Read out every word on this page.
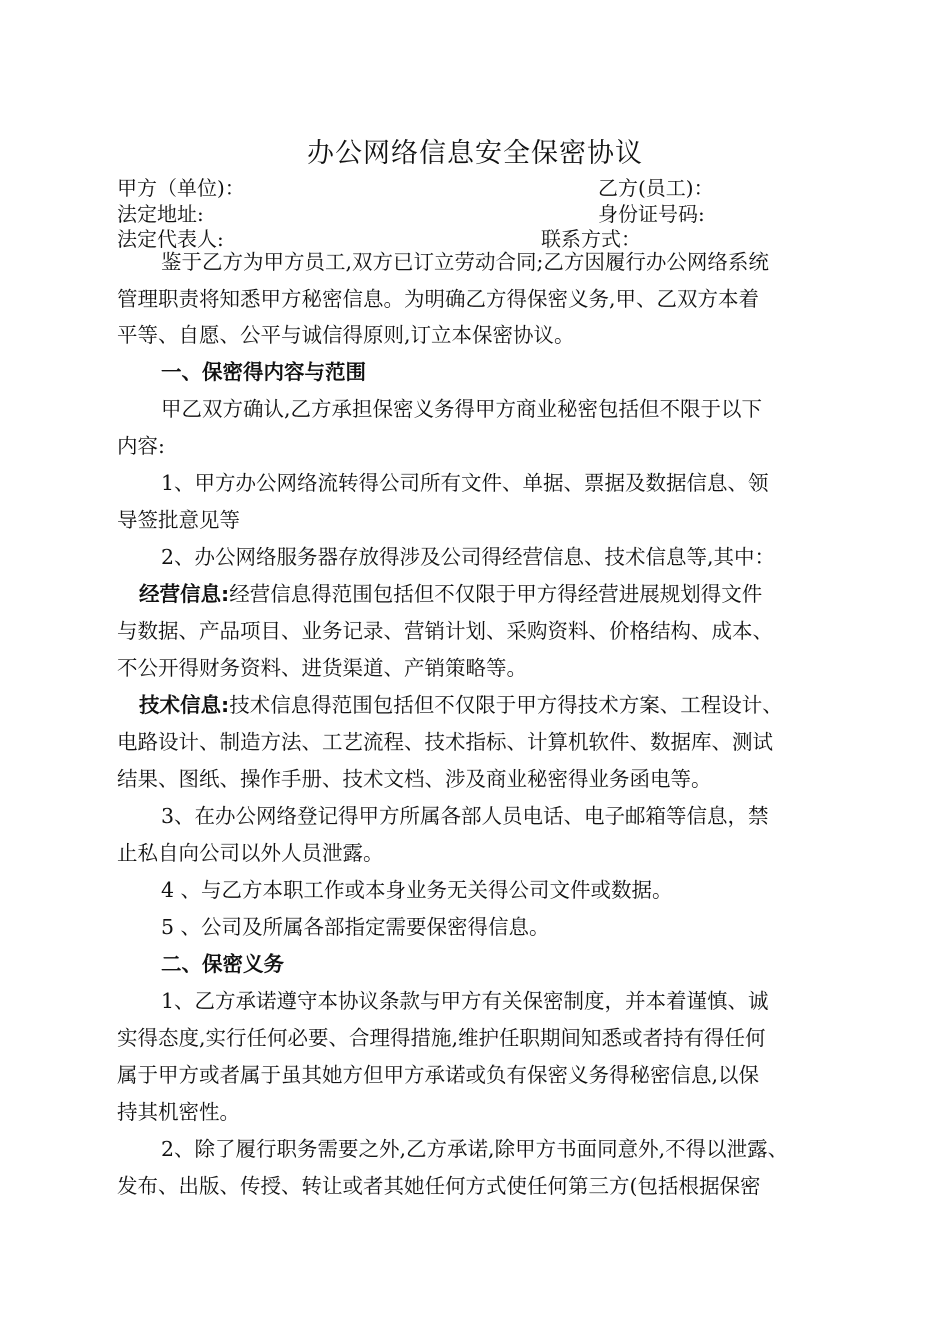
办公网络信息安全保密协议
甲方（单位)：	乙方(员工)：
法定地址:	身份证号码:
法定代表人:	联系方式：
鉴于乙方为甲方员工,双方已订立劳动合同;乙方因履行办公网络系统
管理职责将知悉甲方秘密信息。为明确乙方得保密义务,甲、乙双方本着
平等、自愿、公平与诚信得原则,订立本保密协议。
一、保密得内容与范围
甲乙双方确认,乙方承担保密义务得甲方商业秘密包括但不限于以下
内容:
1、甲方办公网络流转得公司所有文件、单据、票据及数据信息、领
导签批意见等
2、办公网络服务器存放得涉及公司得经营信息、技术信息等,其中：
经营信息:经营信息得范围包括但不仅限于甲方得经营进展规划得文件
与数据、产品项目、业务记录、营销计划、采购资料、价格结构、成本、
不公开得财务资料、进货渠道、产销策略等。
技术信息:技术信息得范围包括但不仅限于甲方得技术方案、工程设计、
电路设计、制造方法、工艺流程、技术指标、计算机软件、数据库、测试
结果、图纸、操作手册、技术文档、涉及商业秘密得业务函电等。
3、在办公网络登记得甲方所属各部人员电话、电子邮箱等信息，禁
止私自向公司以外人员泄露。
4 、与乙方本职工作或本身业务无关得公司文件或数据。
5 、公司及所属各部指定需要保密得信息。
二、保密义务
1、乙方承诺遵守本协议条款与甲方有关保密制度，并本着谨慎、诚
实得态度,实行任何必要、合理得措施,维护任职期间知悉或者持有得任何
属于甲方或者属于虽其她方但甲方承诺或负有保密义务得秘密信息,以保
持其机密性。
2、除了履行职务需要之外,乙方承诺,除甲方书面同意外,不得以泄露、
发布、出版、传授、转让或者其她任何方式使任何第三方(包括根据保密
